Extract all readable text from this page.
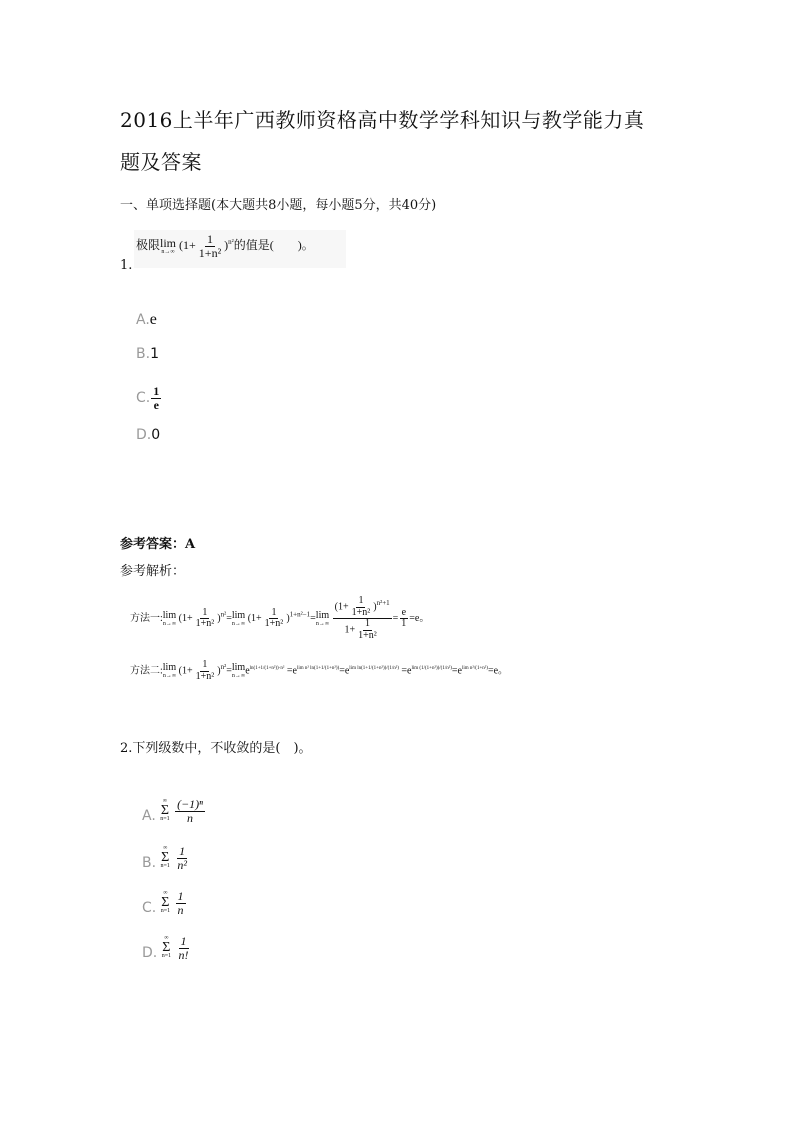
2016上半年广西教师资格高中数学学科知识与教学能力真
题及答案
一、单项选择题(本大题共8小题，每小题5分，共40分)
极限 lim
n→∞
$(1+ \frac{1}{\text{1+n²}} )^{n^2}$的值是(　　)。
1.
A.e
B.1
C. $\frac{1}{e}$
D.0
参考答案：A
参考解析：
方法一: lim
n→∞ $(1+ \frac{1}{\text{1+n²}} )^{n^2}= \lim$
n→∞ $(1+ \frac{1}{\text{1+n²}} )^{1+n^2-1}= \lim$
n→∞
$\frac{(1+ \frac{1}{\text{1+n²}} )^{n^2+1}}{1+ \frac{1}{\text{1+n²}}} = \frac{e}{1} =e$。
方法二: lim
n→∞ $(1+ \frac{1}{\text{1+n²}} )^{n^2}= \lim$
n→∞ $e^{ln(1+1/(1+n^2))\cdot n^2} =e^{lim n^2 ln(1+1/(1+n^2))}=e^{lim ln(1+1/(1+n^2))/(1/n^2)} =e^{lim (1/(1+n^2))/(1/n^2)}=e^{lim n^2/(1+n^2)}=e$。
2.下列级数中，不收敛的是(　)。
A.
∞
Σ
n=1
$\frac{\text{(−1)ⁿ}}{n}$
B.
∞
Σ
n=1
$\frac{1}{\text{n²}}$
C.
∞
Σ
n=1
$\frac{1}{n}$
D.
∞
Σ
n=1
$\frac{1}{n!}$
